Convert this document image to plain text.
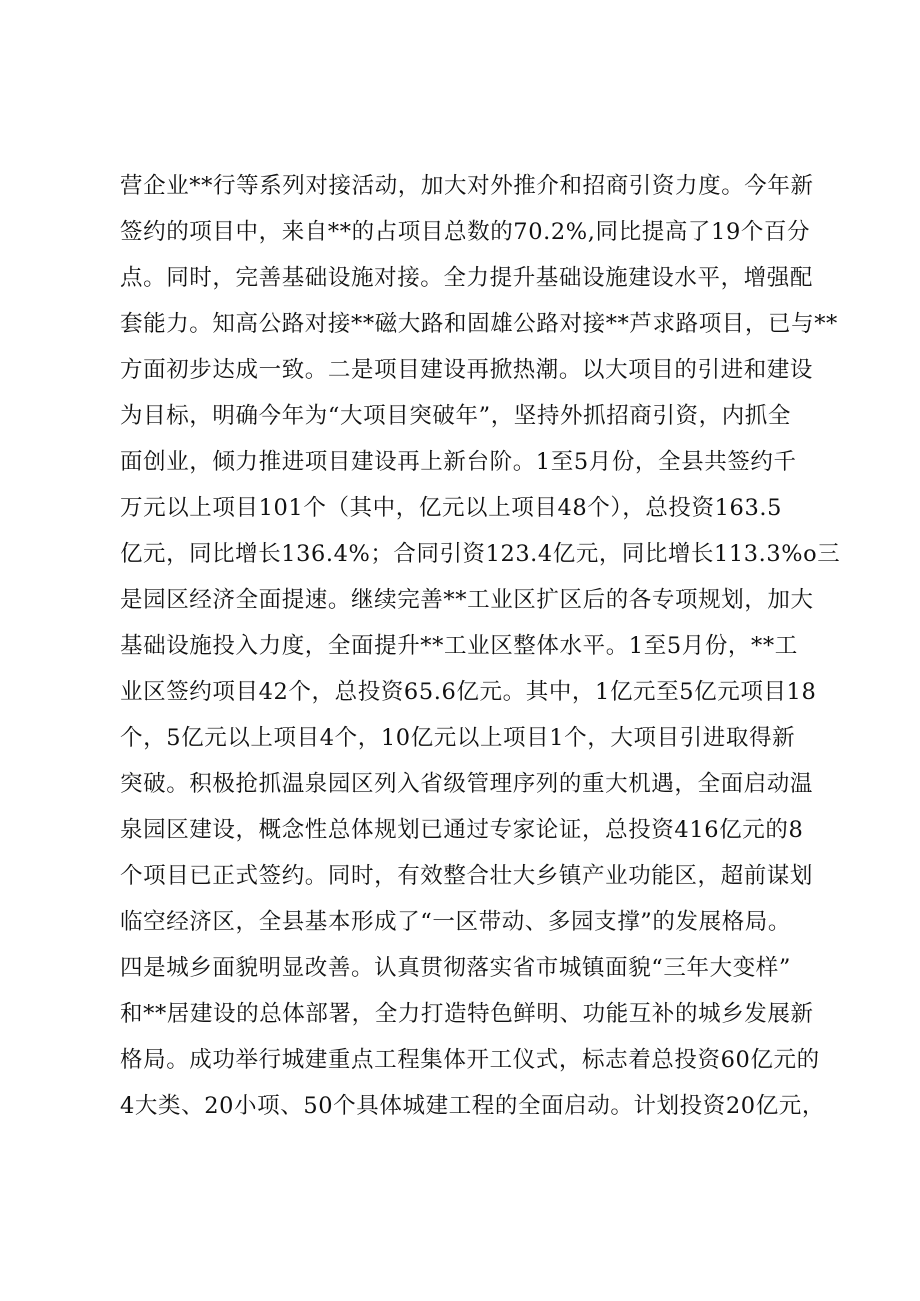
营企业**行等系列对接活动，加大对外推介和招商引资力度。今年新
签约的项目中，来自**的占项目总数的70.2%,同比提高了19个百分
点。同时，完善基础设施对接。全力提升基础设施建设水平，增强配
套能力。知高公路对接**磁大路和固雄公路对接**芦求路项目，已与**
方面初步达成一致。二是项目建设再掀热潮。以大项目的引进和建设
为目标，明确今年为“大项目突破年”，坚持外抓招商引资，内抓全
面创业，倾力推进项目建设再上新台阶。1至5月份，全县共签约千
万元以上项目101个（其中，亿元以上项目48个），总投资163.5
亿元，同比增长136.4%；合同引资123.4亿元，同比增长113.3%o三
是园区经济全面提速。继续完善**工业区扩区后的各专项规划，加大
基础设施投入力度，全面提升**工业区整体水平。1至5月份，**工
业区签约项目42个，总投资65.6亿元。其中，1亿元至5亿元项目18
个，5亿元以上项目4个，10亿元以上项目1个，大项目引进取得新
突破。积极抢抓温泉园区列入省级管理序列的重大机遇，全面启动温
泉园区建设，概念性总体规划已通过专家论证，总投资416亿元的8
个项目已正式签约。同时，有效整合壮大乡镇产业功能区，超前谋划
临空经济区，全县基本形成了“一区带动、多园支撑”的发展格局。
四是城乡面貌明显改善。认真贯彻落实省市城镇面貌“三年大变样”
和**居建设的总体部署，全力打造特色鲜明、功能互补的城乡发展新
格局。成功举行城建重点工程集体开工仪式，标志着总投资60亿元的
4大类、20小项、50个具体城建工程的全面启动。计划投资20亿元，
